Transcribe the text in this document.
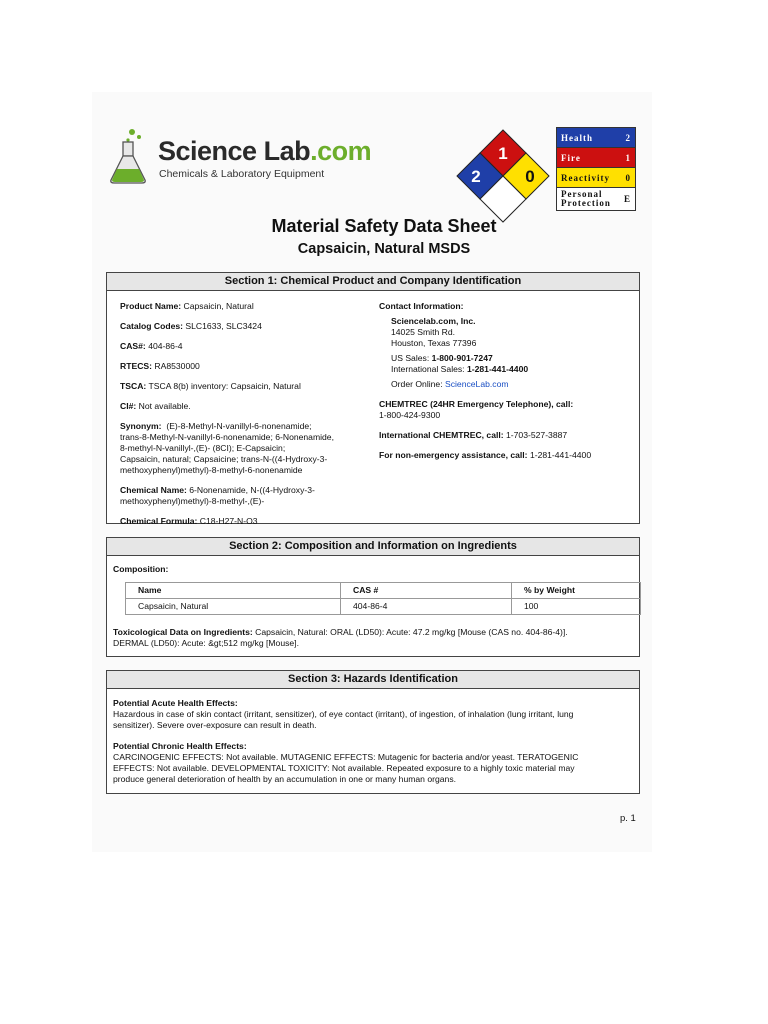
Science Lab.com
Chemicals & Laboratory Equipment
1
2	0
Health	2
Fire	1
Reactivity	0
Personal
Protection	E
Material Safety Data Sheet
Capsaicin, Natural MSDS
Section 1: Chemical Product and Company Identification
Product Name: Capsaicin, Natural
Catalog Codes: SLC1633, SLC3424
CAS#: 404-86-4
RTECS: RA8530000
TSCA: TSCA 8(b) inventory: Capsaicin, Natural
CI#: Not available.
Synonym: (E)-8-Methyl-N-vanillyl-6-nonenamide;
trans-8-Methyl-N-vanillyl-6-nonenamide; 6-Nonenamide,
8-methyl-N-vanillyl-,(E)- (8CI); E-Capsaicin;
Capsaicin, natural; Capsaicine; trans-N-((4-Hydroxy-3-
methoxyphenyl)methyl)-8-methyl-6-nonenamide
Chemical Name: 6-Nonenamide, N-((4-Hydroxy-3-
methoxyphenyl)methyl)-8-methyl-,(E)-
Chemical Formula: C18-H27-N-O3
Contact Information:
Sciencelab.com, Inc.
14025 Smith Rd.
Houston, Texas 77396
US Sales: 1-800-901-7247
International Sales: 1-281-441-4400
Order Online: ScienceLab.com
CHEMTREC (24HR Emergency Telephone), call:
1-800-424-9300
International CHEMTREC, call: 1-703-527-3887
For non-emergency assistance, call: 1-281-441-4400
Section 2: Composition and Information on Ingredients
Composition:
Name	CAS #	% by Weight
Capsaicin, Natural	404-86-4	100
Toxicological Data on Ingredients: Capsaicin, Natural: ORAL (LD50): Acute: 47.2 mg/kg [Mouse (CAS no. 404-86-4)].
DERMAL (LD50): Acute: &gt;512 mg/kg [Mouse].
Section 3: Hazards Identification
Potential Acute Health Effects:
Hazardous in case of skin contact (irritant, sensitizer), of eye contact (irritant), of ingestion, of inhalation (lung irritant, lung
sensitizer). Severe over-exposure can result in death.
Potential Chronic Health Effects:
CARCINOGENIC EFFECTS: Not available. MUTAGENIC EFFECTS: Mutagenic for bacteria and/or yeast. TERATOGENIC
EFFECTS: Not available. DEVELOPMENTAL TOXICITY: Not available. Repeated exposure to a highly toxic material may
produce general deterioration of health by an accumulation in one or many human organs.
p. 1
